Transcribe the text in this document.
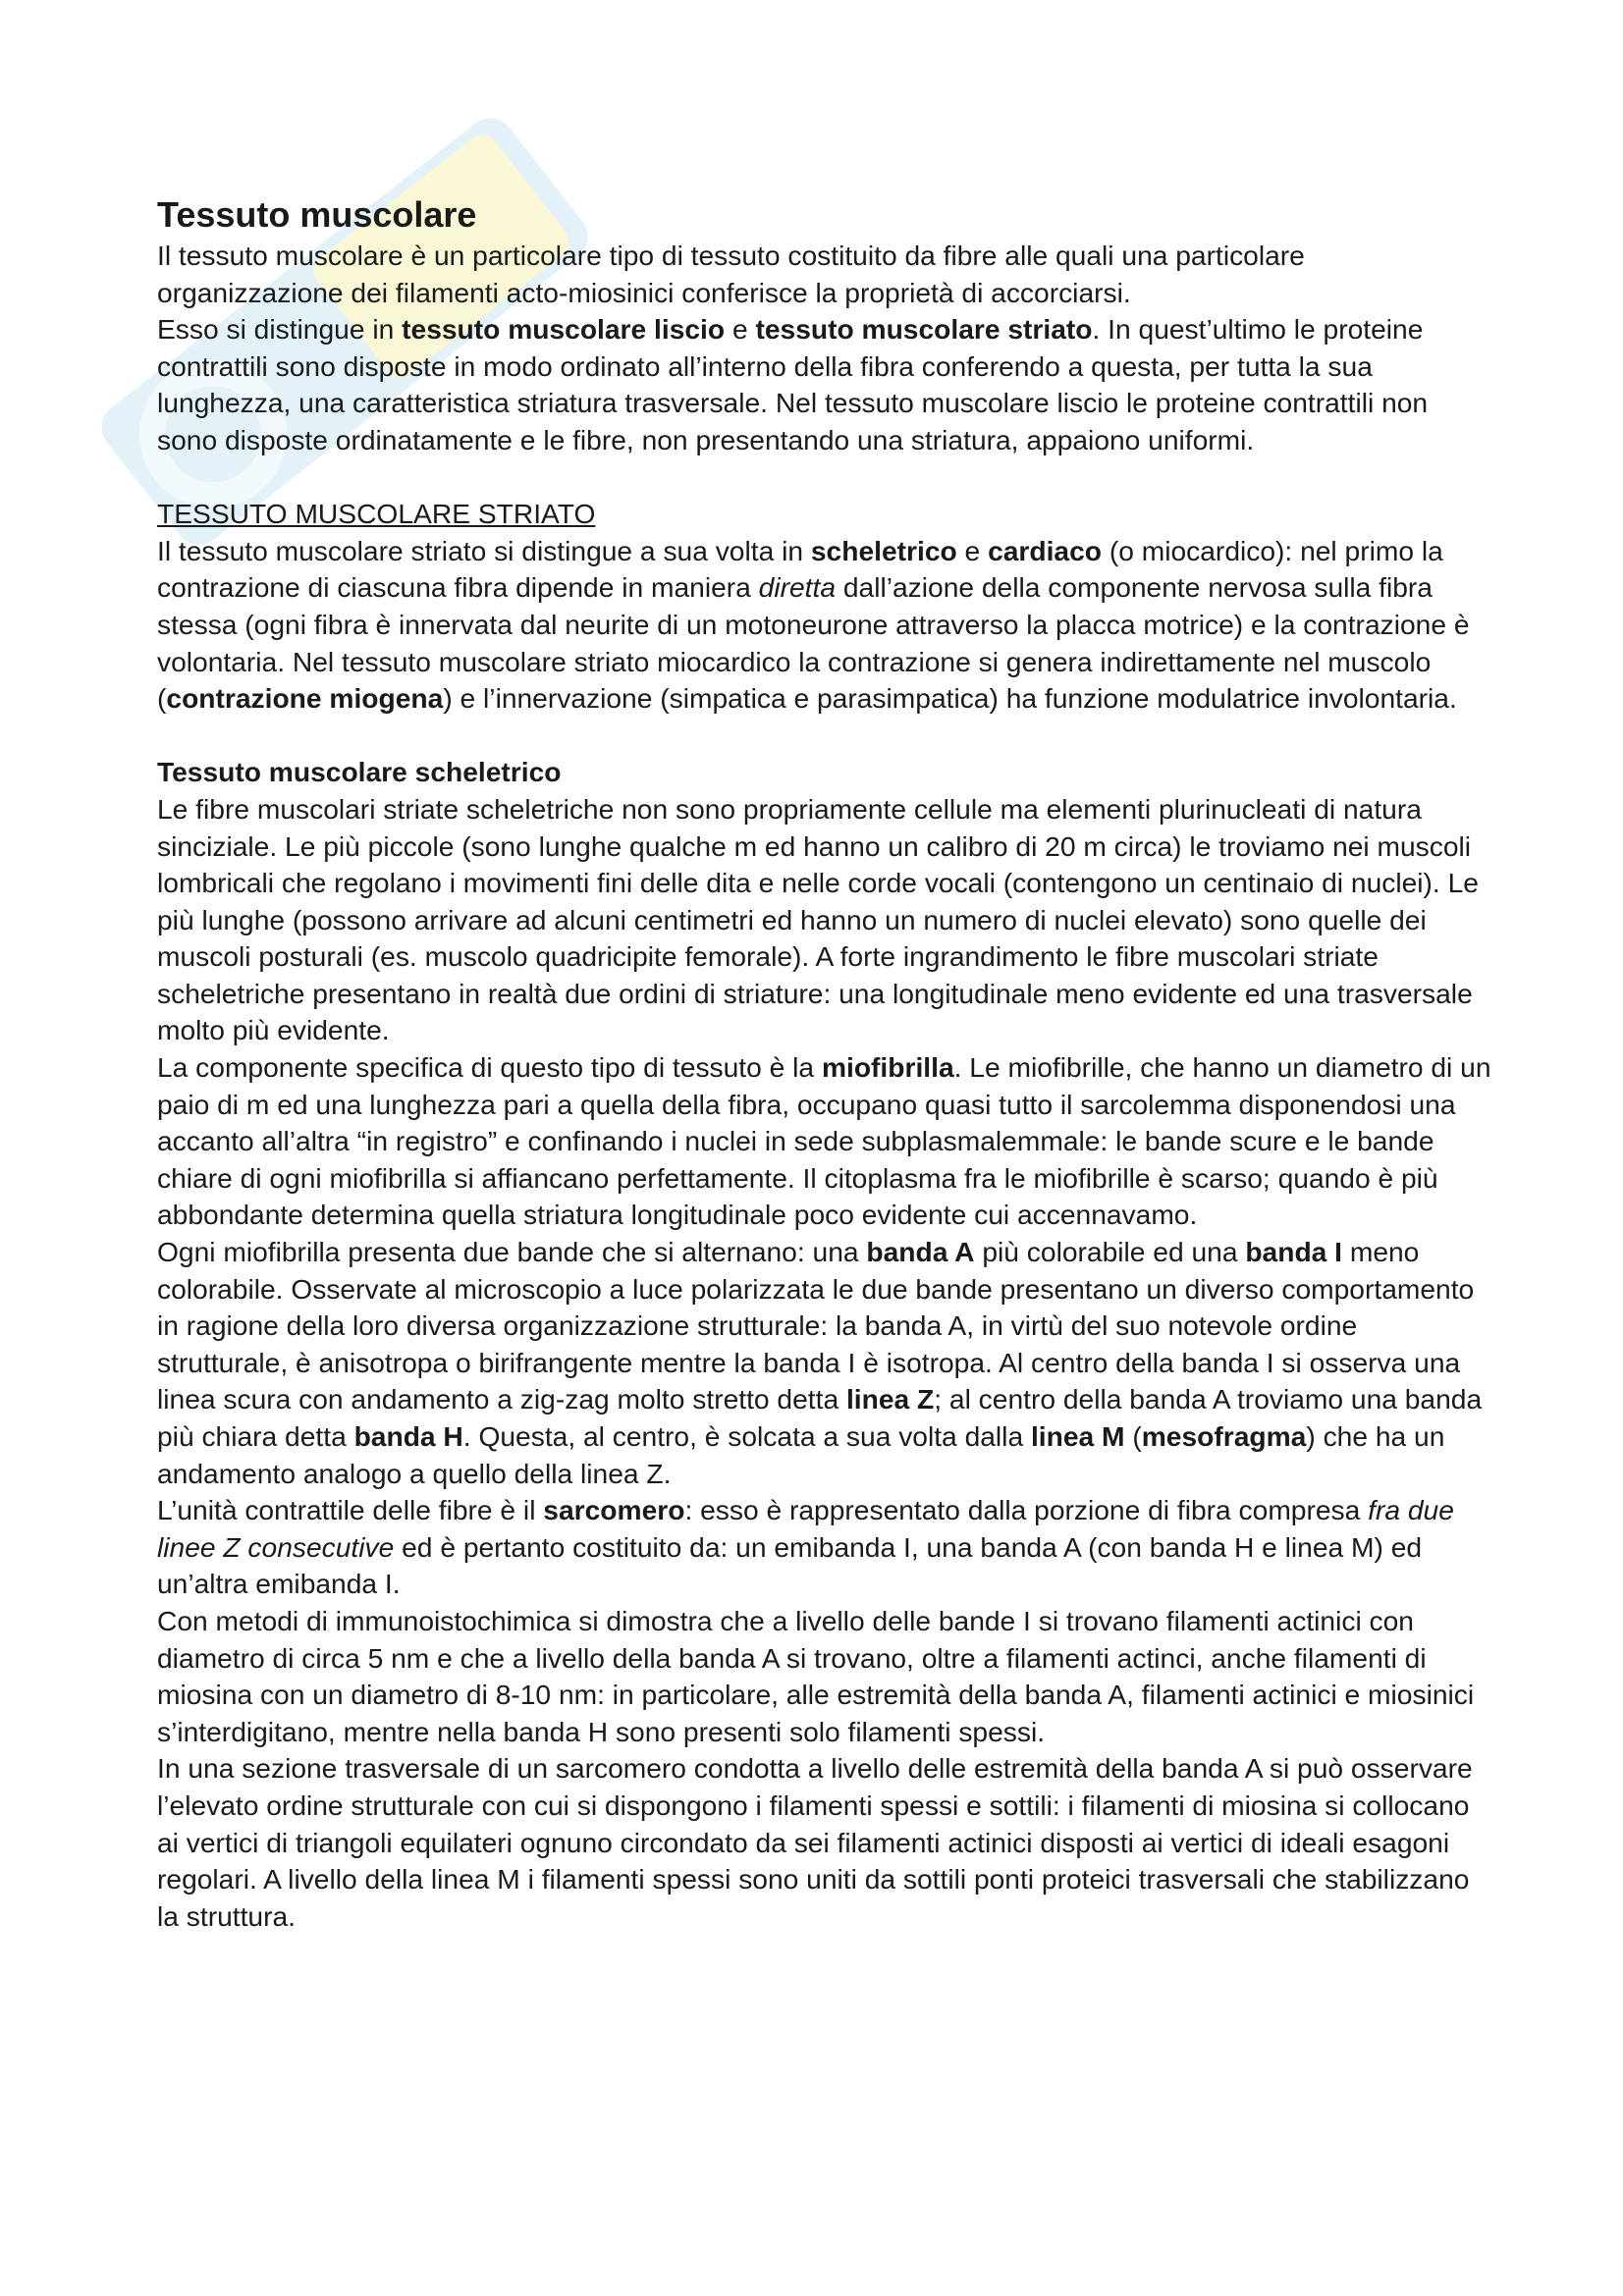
Tessuto muscolare

Il tessuto muscolare è un particolare tipo di tessuto costituito da fibre alle quali una particolare organizzazione dei filamenti acto-miosinici conferisce la proprietà di accorciarsi.

Esso si distingue in tessuto muscolare liscio e tessuto muscolare striato. In quest’ultimo le proteine contrattili sono disposte in modo ordinato all’interno della fibra conferendo a questa, per tutta la sua lunghezza, una caratteristica striatura trasversale. Nel tessuto muscolare liscio le proteine contrattili non sono disposte ordinatamente e le fibre, non presentando una striatura, appaiono uniformi.

TESSUTO MUSCOLARE STRIATO

Il tessuto muscolare striato si distingue a sua volta in scheletrico e cardiaco (o miocardico): nel primo la contrazione di ciascuna fibra dipende in maniera diretta dall’azione della componente nervosa sulla fibra stessa (ogni fibra è innervata dal neurite di un motoneurone attraverso la placca motrice) e la contrazione è volontaria. Nel tessuto muscolare striato miocardico la contrazione si genera indirettamente nel muscolo (contrazione miogena) e l’innervazione (simpatica e parasimpatica) ha funzione modulatrice involontaria.

Tessuto muscolare scheletrico

Le fibre muscolari striate scheletriche non sono propriamente cellule ma elementi plurinucleati di natura sinciziale. Le più piccole (sono lunghe qualche m ed hanno un calibro di 20 m circa) le troviamo nei muscoli lombricali che regolano i movimenti fini delle dita e nelle corde vocali (contengono un centinaio di nuclei). Le più lunghe (possono arrivare ad alcuni centimetri ed hanno un numero di nuclei elevato) sono quelle dei muscoli posturali (es. muscolo quadricipite femorale). A forte ingrandimento le fibre muscolari striate scheletriche presentano in realtà due ordini di striature: una longitudinale meno evidente ed una trasversale molto più evidente.

La componente specifica di questo tipo di tessuto è la miofibrilla. Le miofibrille, che hanno un diametro di un paio di m ed una lunghezza pari a quella della fibra, occupano quasi tutto il sarcolemma disponendosi una accanto all’altra “in registro” e confinando i nuclei in sede subplasmalemmale: le bande scure e le bande chiare di ogni miofibrilla si affiancano perfettamente. Il citoplasma fra le miofibrille è scarso; quando è più abbondante determina quella striatura longitudinale poco evidente cui accennavamo.

Ogni miofibrilla presenta due bande che si alternano: una banda A più colorabile ed una banda I meno colorabile. Osservate al microscopio a luce polarizzata le due bande presentano un diverso comportamento in ragione della loro diversa organizzazione strutturale: la banda A, in virtù del suo notevole ordine strutturale, è anisotropa o birifrangente mentre la banda I è isotropa. Al centro della banda I si osserva una linea scura con andamento a zig-zag molto stretto detta linea Z; al centro della banda A troviamo una banda più chiara detta banda H. Questa, al centro, è solcata a sua volta dalla linea M (mesofragma) che ha un andamento analogo a quello della linea Z.

L’unità contrattile delle fibre è il sarcomero: esso è rappresentato dalla porzione di fibra compresa fra due linee Z consecutive ed è pertanto costituito da: un emibanda I, una banda A (con banda H e linea M) ed un’altra emibanda I.

Con metodi di immunoistochimica si dimostra che a livello delle bande I si trovano filamenti actinici con diametro di circa 5 nm e che a livello della banda A si trovano, oltre a filamenti actinci, anche filamenti di miosina con un diametro di 8-10 nm: in particolare, alle estremità della banda A, filamenti actinici e miosinici s’interdigitano, mentre nella banda H sono presenti solo filamenti spessi.

In una sezione trasversale di un sarcomero condotta a livello delle estremità della banda A si può osservare l’elevato ordine strutturale con cui si dispongono i filamenti spessi e sottili: i filamenti di miosina si collocano ai vertici di triangoli equilateri ognuno circondato da sei filamenti actinici disposti ai vertici di ideali esagoni regolari. A livello della linea M i filamenti spessi sono uniti da sottili ponti proteici trasversali che stabilizzano la struttura.
